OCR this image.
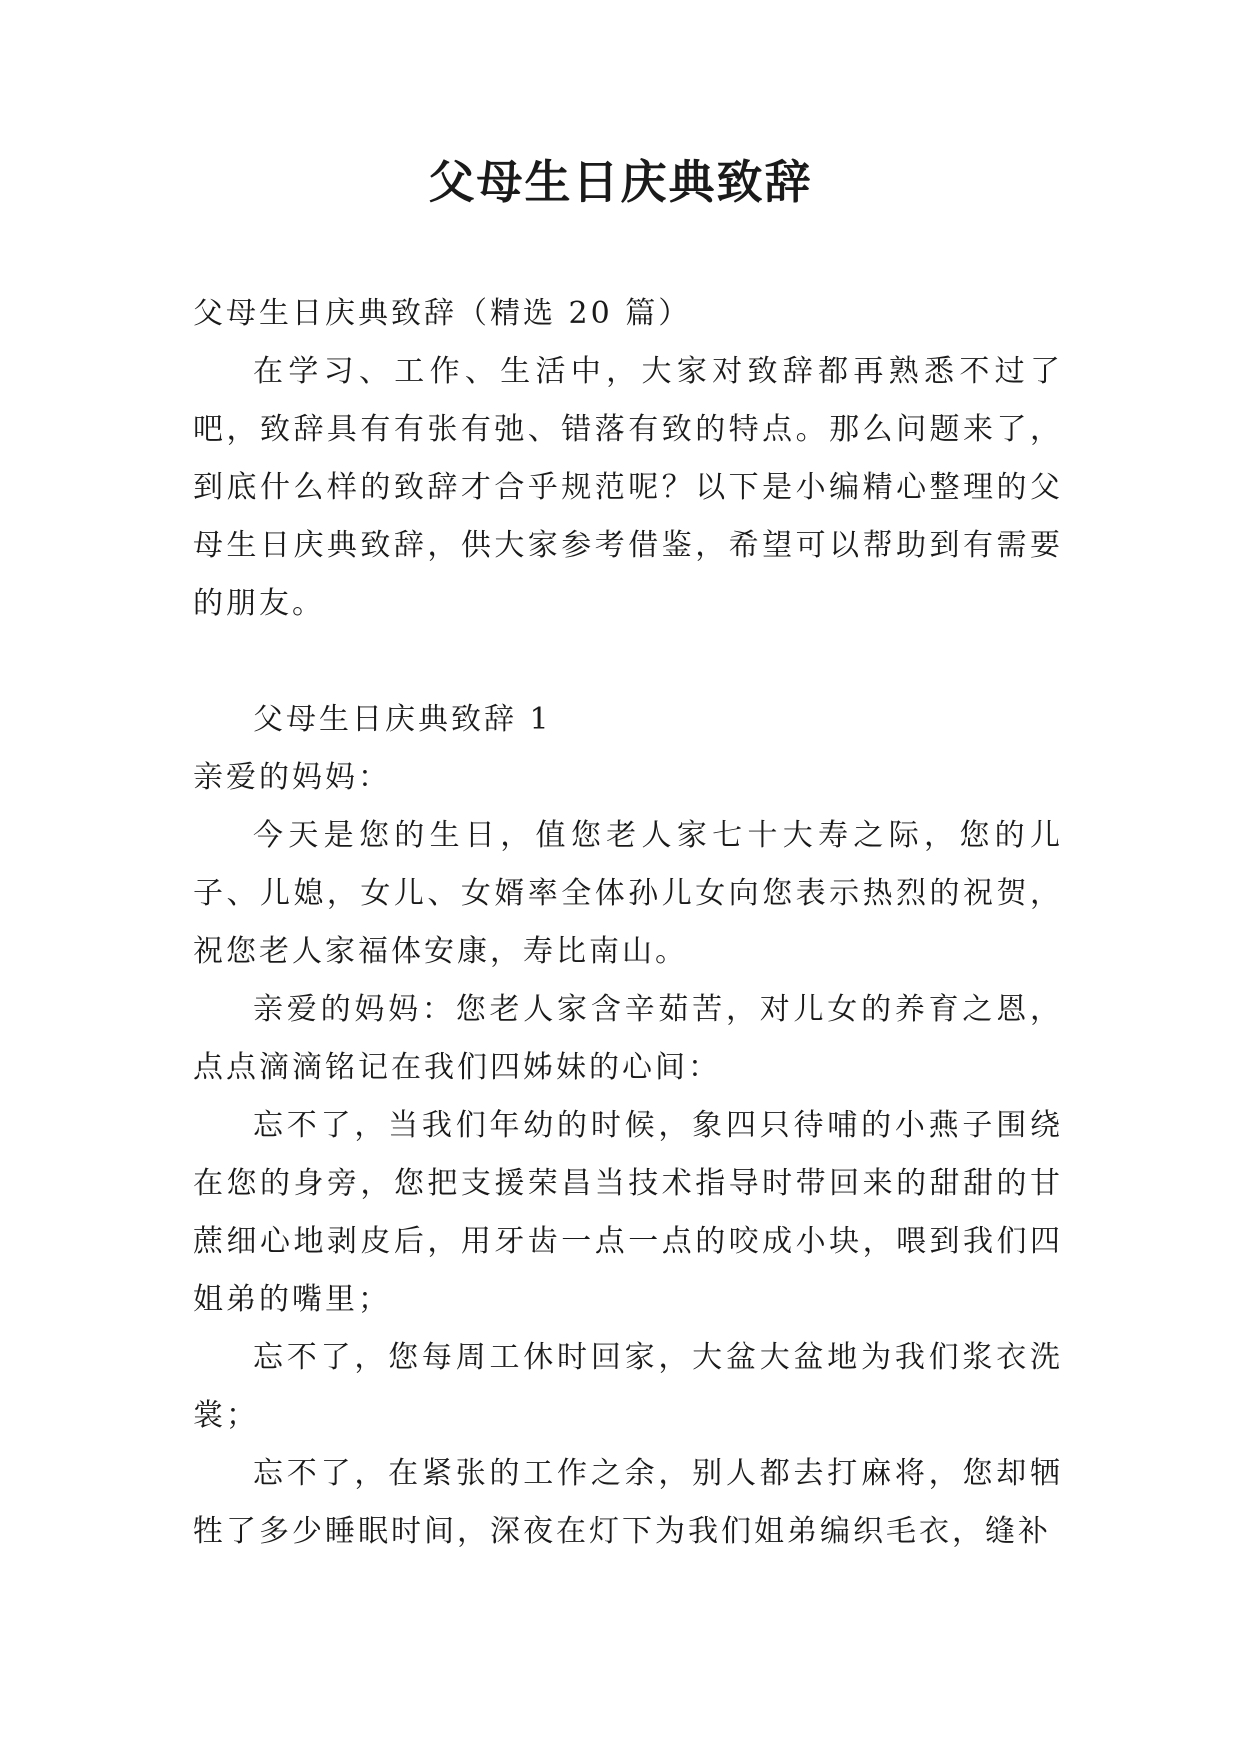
父母生日庆典致辞

父母生日庆典致辞（精选 20 篇）

在学习、工作、生活中，大家对致辞都再熟悉不过了吧，致辞具有有张有弛、错落有致的特点。那么问题来了，到底什么样的致辞才合乎规范呢？以下是小编精心整理的父母生日庆典致辞，供大家参考借鉴，希望可以帮助到有需要的朋友。

父母生日庆典致辞 1

亲爱的妈妈：

今天是您的生日，值您老人家七十大寿之际，您的儿子、儿媳，女儿、女婿率全体孙儿女向您表示热烈的祝贺，祝您老人家福体安康，寿比南山。

亲爱的妈妈：您老人家含辛茹苦，对儿女的养育之恩，点点滴滴铭记在我们四姊妹的心间：

忘不了，当我们年幼的时候，象四只待哺的小燕子围绕在您的身旁，您把支援荣昌当技术指导时带回来的甜甜的甘蔗细心地剥皮后，用牙齿一点一点的咬成小块，喂到我们四姐弟的嘴里；

忘不了，您每周工休时回家，大盆大盆地为我们浆衣洗裳；

忘不了，在紧张的工作之余，别人都去打麻将，您却牺牲了多少睡眠时间，深夜在灯下为我们姐弟编织毛衣，缝补
